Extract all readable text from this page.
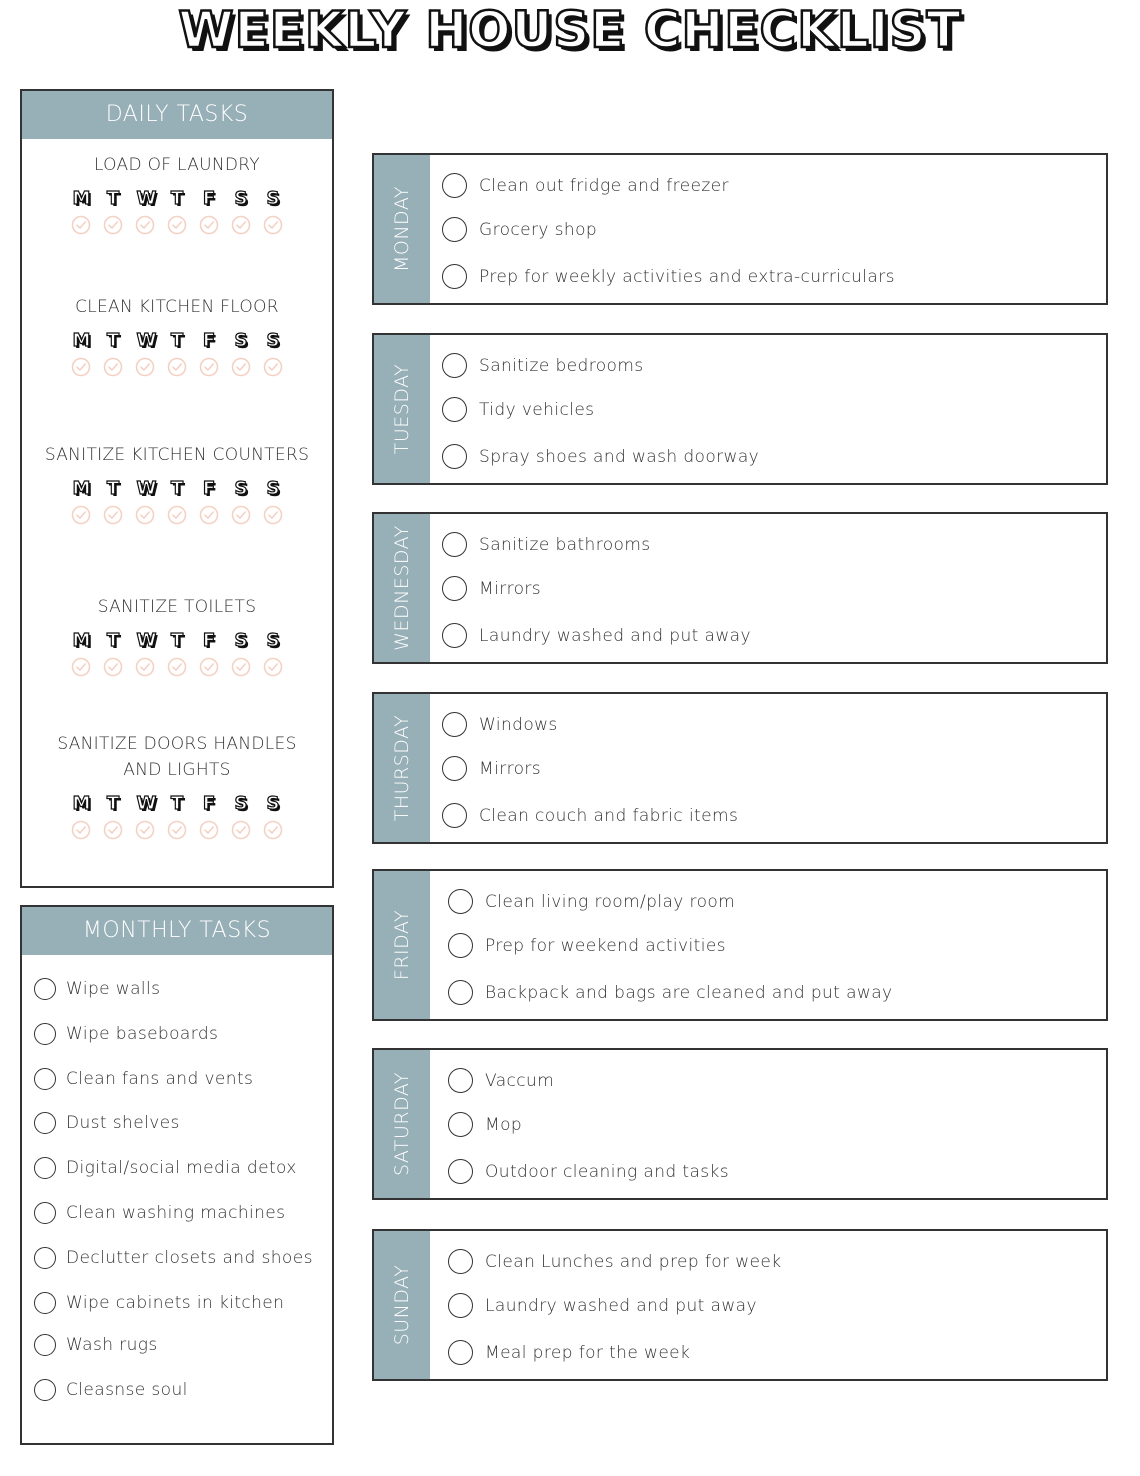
WEEKLY HOUSE CHECKLIST
DAILY TASKS
LOAD OF LAUNDRY
M T W T F S S
CLEAN KITCHEN FLOOR
M T W T F S S
SANITIZE KITCHEN COUNTERS
M T W T F S S
SANITIZE TOILETS
M T W T F S S
SANITIZE DOORS HANDLES AND LIGHTS
M T W T F S S
MONTHLY TASKS
Wipe walls
Wipe baseboards
Clean fans and vents
Dust shelves
Digital/social media detox
Clean washing machines
Declutter closets and shoes
Wipe cabinets in kitchen
Wash rugs
Cleasnse soul
MONDAY
Clean out fridge and freezer
Grocery shop
Prep for weekly activities and extra-curriculars
TUESDAY	Sanitize bedrooms
Tidy vehicles
Spray shoes and wash doorway
WEDNESDAY	Sanitize bathrooms
Mirrors
Laundry washed and put away
THURSDAY	Windows
Mirrors
Clean couch and fabric items
FRIDAY
Clean living room/play room
Prep for weekend activities
Backpack and bags are cleaned and put away
SATURDAY	Vaccum
Mop
Outdoor cleaning and tasks
SUNDAY
Clean Lunches and prep for week
Laundry washed and put away
Meal prep for the week
